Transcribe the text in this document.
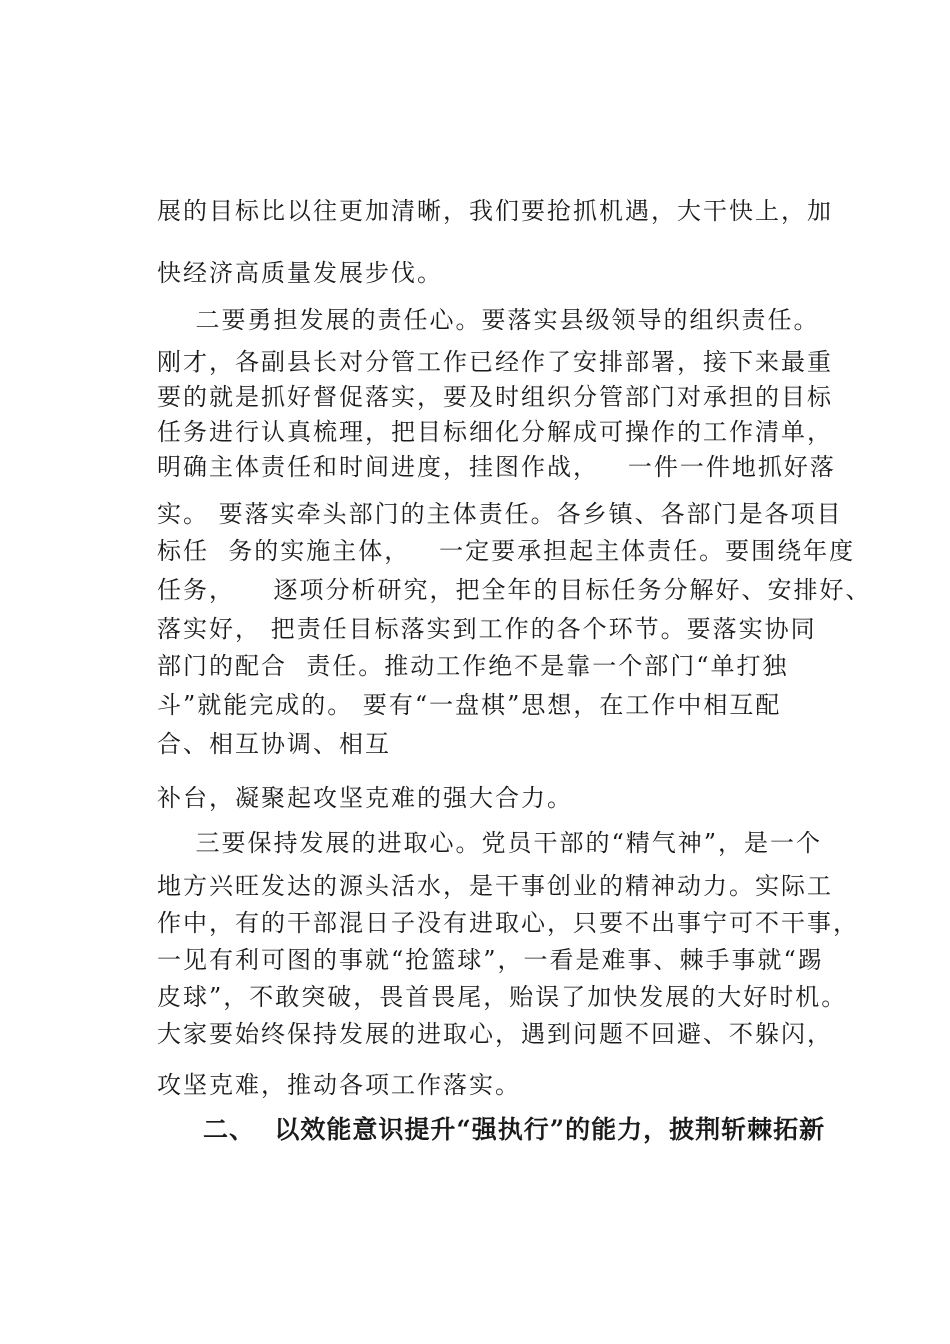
展的目标比以往更加清晰，我们要抢抓机遇，大干快上，加
快经济高质量发展步伐。
二要勇担发展的责任心。要落实县级领导的组织责任。
刚才，各副县长对分管工作已经作了安排部署，接下来最重
要的就是抓好督促落实，要及时组织分管部门对承担的目标
任务进行认真梳理，把目标细化分解成可操作的工作清单，
明确主体责任和时间进度，挂图作战，   一件一件地抓好落
实。 要落实牵头部门的主体责任。各乡镇、各部门是各项目
标任  务的实施主体，   一定要承担起主体责任。要围绕年度
任务，    逐项分析研究，把全年的目标任务分解好、安排好、
落实好， 把责任目标落实到工作的各个环节。要落实协同
部门的配合  责任。推动工作绝不是靠一个部门“单打独
斗”就能完成的。 要有“一盘棋”思想，在工作中相互配
合、相互协调、相互
补台，凝聚起攻坚克难的强大合力。
三要保持发展的进取心。党员干部的“精气神”，是一个
地方兴旺发达的源头活水，是干事创业的精神动力。实际工
作中，有的干部混日子没有进取心，只要不出事宁可不干事，
一见有利可图的事就“抢篮球”，一看是难事、棘手事就“踢
皮球”，不敢突破，畏首畏尾，贻误了加快发展的大好时机。
大家要始终保持发展的进取心，遇到问题不回避、不躲闪，
攻坚克难，推动各项工作落实。
二、  以效能意识提升“强执行”的能力，披荆斩棘拓新
